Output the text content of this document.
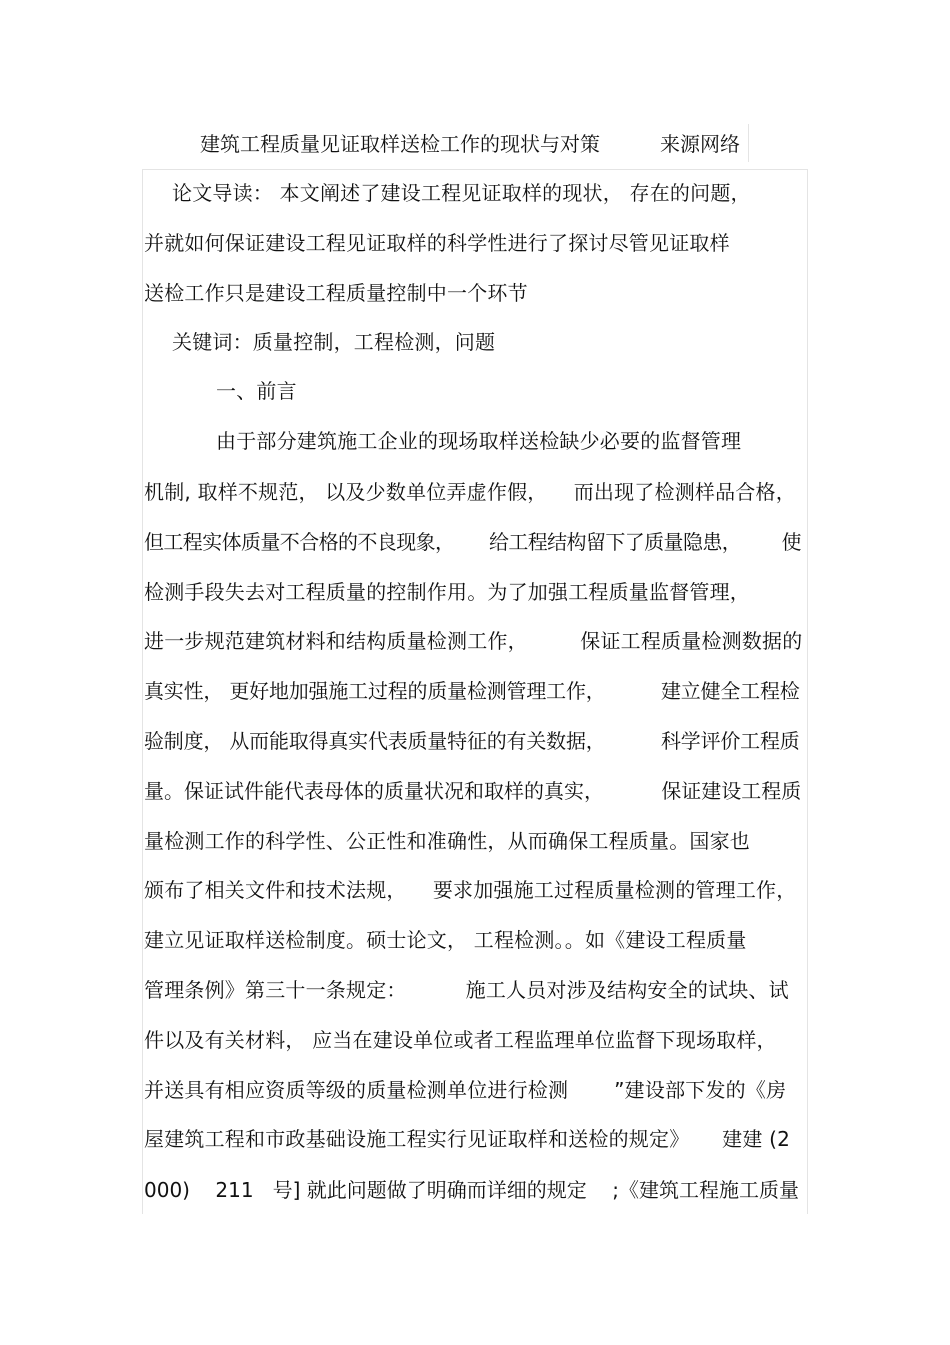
建筑工程质量见证取样送检工作的现状与对策	来源网络
论文导读： 本文阐述了建设工程见证取样的现状， 存在的问题，
并就如何保证建设工程见证取样的科学性进行了探讨尽管见证取样
送检工作只是建设工程质量控制中一个环节
关键词：质量控制，工程检测，问题
一、前言
由于部分建筑施工企业的现场取样送检缺少必要的监督管理
机制, 取样不规范， 以及少数单位弄虚作假，    而出现了检测样品合格，
但工程实体质量不合格的不良现象，      给工程结构留下了质量隐患，       使
检测手段失去对工程质量的控制作用。为了加强工程质量监督管理，
进一步规范建筑材料和结构质量检测工作，        保证工程质量检测数据的
真实性， 更好地加强施工过程的质量检测管理工作，         建立健全工程检
验制度， 从而能取得真实代表质量特征的有关数据，         科学评价工程质
量。保证试件能代表母体的质量状况和取样的真实，         保证建设工程质
量检测工作的科学性、公正性和准确性，从而确保工程质量。国家也
颁布了相关文件和技术法规，    要求加强施工过程质量检测的管理工作，
建立见证取样送检制度。硕士论文， 工程检测。。如《建设工程质量
管理条例》第三十一条规定：         施工人员对涉及结构安全的试块、试
件以及有关材料， 应当在建设单位或者工程监理单位监督下现场取样，
并送具有相应资质等级的质量检测单位进行检测       ”建设部下发的《房
屋建筑工程和市政基础设施工程实行见证取样和送检的规定》     建建 (2
000)    211   号] 就此问题做了明确而详细的规定    ;《建筑工程施工质量
